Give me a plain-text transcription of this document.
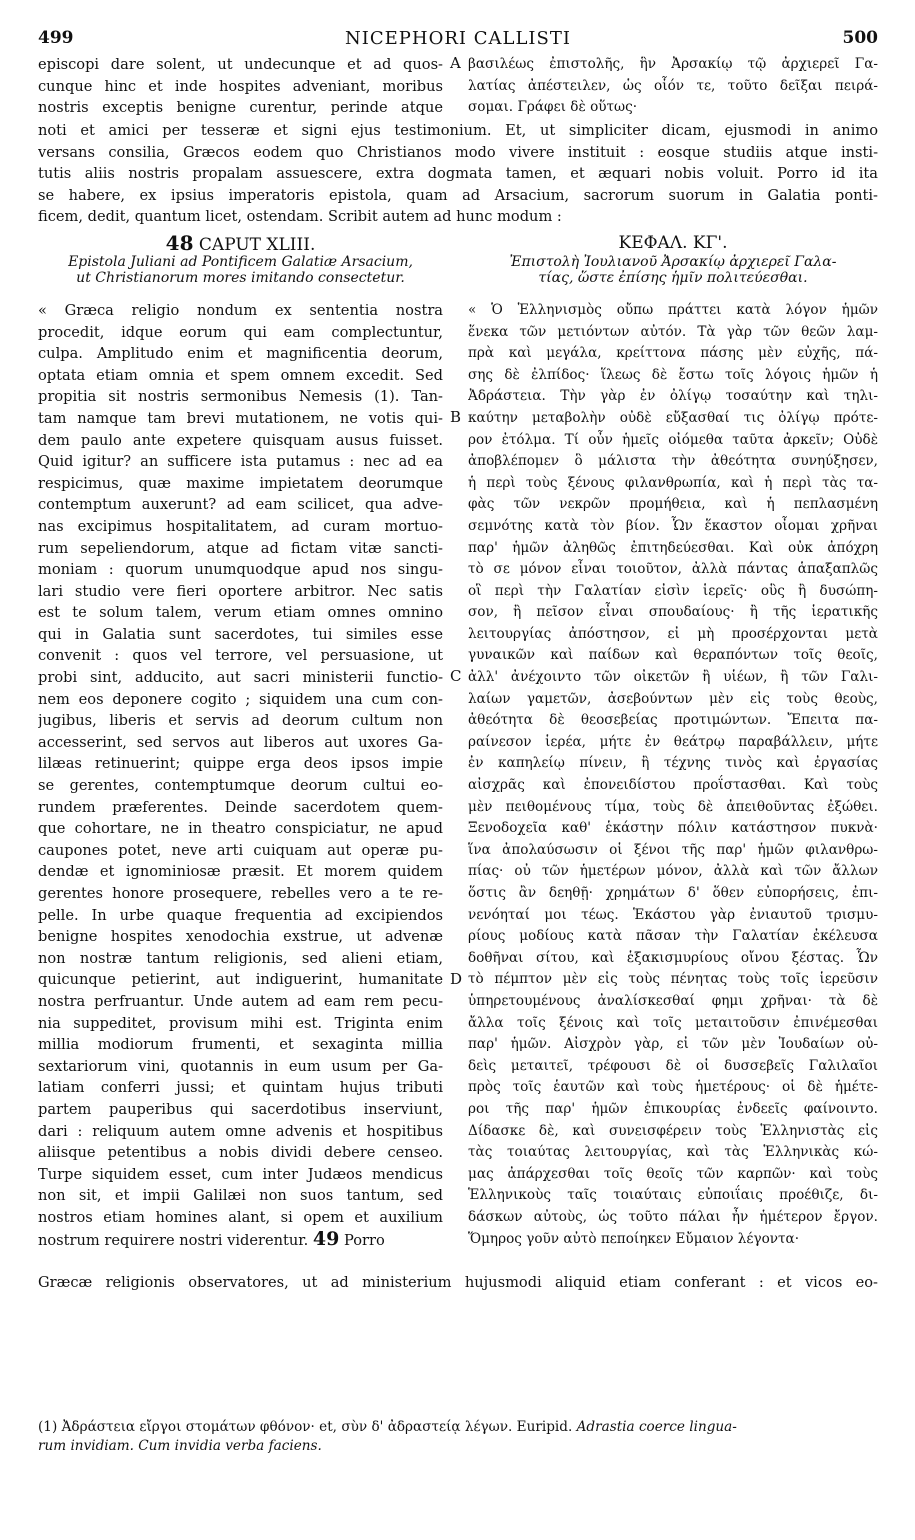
499	NICEPHORI CALLISTI	500
episcopi dare solent, ut undecunque et ad quos-
cunque hinc et inde hospites adveniant, moribus
nostris exceptis benigne curentur, perinde atque
A βασιλέως ἐπιστολῆς, ἣν Ἀρσακίῳ τῷ ἀρχιερεῖ Γα-
λατίας ἀπέστειλεν, ὡς οἷόν τε, τοῦτο δεῖξαι πειρά-
σομαι. Γράφει δὲ οὕτως·
noti et amici per tesseræ et signi ejus testimonium. Et, ut simpliciter dicam, ejusmodi in animo
versans consilia, Græcos eodem quo Christianos modo vivere instituit : eosque studiis atque insti-
tutis aliis nostris propalam assuescere, extra dogmata tamen, et æquari nobis voluit. Porro id ita
se habere, ex ipsius imperatoris epistola, quam ad Arsacium, sacrorum suorum in Galatia ponti-
ficem, dedit, quantum licet, ostendam. Scribit autem ad hunc modum :
48 CAPUT XLIII.
Epistola Juliani ad Pontificem Galatiæ Arsacium,
ut Christianorum mores imitando consectetur.
ΚΕΦΑΛ. ΚΓ'.
Ἐπιστολὴ Ἰουλιανοῦ Ἀρσακίῳ ἀρχιερεῖ Γαλα-
τίας, ὥστε ἐπίσης ἡμῖν πολιτεύεσθαι.
« Græca religio nondum ex sententia nostra
procedit, idque eorum qui eam complectuntur,
culpa. Amplitudo enim et magnificentia deorum,
optata etiam omnia et spem omnem excedit. Sed
propitia sit nostris sermonibus Nemesis (1). Tan-
tam namque tam brevi mutationem, ne votis qui-
dem paulo ante expetere quisquam ausus fuisset.
Quid igitur? an sufficere ista putamus : nec ad ea
respicimus, quæ maxime impietatem deorumque
contemptum auxerunt? ad eam scilicet, qua adve-
nas excipimus hospitalitatem, ad curam mortuo-
rum sepeliendorum, atque ad fictam vitæ sancti-
moniam : quorum unumquodque apud nos singu-
lari studio vere fieri oportere arbitror. Nec satis
est te solum talem, verum etiam omnes omnino
qui in Galatia sunt sacerdotes, tui similes esse
convenit : quos vel terrore, vel persuasione, ut
probi sint, adducito, aut sacri ministerii functio-
nem eos deponere cogito ; siquidem una cum con-
jugibus, liberis et servis ad deorum cultum non
accesserint, sed servos aut liberos aut uxores Ga-
lilæas retinuerint; quippe erga deos ipsos impie
se gerentes, contemptumque deorum cultui eo-
rundem præferentes. Deinde sacerdotem quem-
que cohortare, ne in theatro conspiciatur, ne apud
caupones potet, neve arti cuiquam aut operæ pu-
dendæ et ignominiosæ præsit. Et morem quidem
gerentes honore prosequere, rebelles vero a te re-
pelle. In urbe quaque frequentia ad excipiendos
benigne hospites xenodochia exstrue, ut advenæ
non nostræ tantum religionis, sed alieni etiam,
quicunque petierint, aut indiguerint, humanitate
nostra perfruantur. Unde autem ad eam rem pecu-
nia suppeditet, provisum mihi est. Triginta enim
millia modiorum frumenti, et sexaginta millia
sextariorum vini, quotannis in eum usum per Ga-
latiam conferri jussi; et quintam hujus tributi
partem pauperibus qui sacerdotibus inserviunt,
dari : reliquum autem omne advenis et hospitibus
aliisque petentibus a nobis dividi debere censeo.
Turpe siquidem esset, cum inter Judæos mendicus
non sit, et impii Galilæi non suos tantum, sed
nostros etiam homines alant, si opem et auxilium
nostrum requirere nostri viderentur. 49 Porro
B
C
D
« Ὁ Ἑλληνισμὸς οὔπω πράττει κατὰ λόγον ἡμῶν
ἕνεκα τῶν μετιόντων αὐτόν. Τὰ γὰρ τῶν θεῶν λαμ-
πρὰ καὶ μεγάλα, κρείττονα πάσης μὲν εὐχῆς, πά-
σης δὲ ἐλπίδος· ἵλεως δὲ ἔστω τοῖς λόγοις ἡμῶν ἡ
Ἀδράστεια. Τὴν γὰρ ἐν ὀλίγῳ τοσαύτην καὶ τηλι-
καύτην μεταβολὴν οὐδὲ εὔξασθαί τις ὀλίγῳ πρότε-
ρον ἐτόλμα. Τί οὖν ἡμεῖς οἰόμεθα ταῦτα ἀρκεῖν; Οὐδὲ
ἀποβλέπομεν ὃ μάλιστα τὴν ἀθεότητα συνηύξησεν,
ἡ περὶ τοὺς ξένους φιλανθρωπία, καὶ ἡ περὶ τὰς τα-
φὰς τῶν νεκρῶν προμήθεια, καὶ ἡ πεπλασμένη
σεμνότης κατὰ τὸν βίον. Ὧν ἕκαστον οἶομαι χρῆναι
παρ' ἡμῶν ἀληθῶς ἐπιτηδεύεσθαι. Καὶ οὐκ ἀπόχρη
τὸ σε μόνον εἶναι τοιοῦτον, ἀλλὰ πάντας ἁπαξαπλῶς
οἳ περὶ τὴν Γαλατίαν εἰσὶν ἱερεῖς· οὓς ἢ δυσώπη-
σον, ἢ πεῖσον εἶναι σπουδαίους· ἢ τῆς ἱερατικῆς
λειτουργίας ἀπόστησον, εἰ μὴ προσέρχονται μετὰ
γυναικῶν καὶ παίδων καὶ θεραπόντων τοῖς θεοῖς,
ἀλλ' ἀνέχοιντο τῶν οἰκετῶν ἢ υἱέων, ἢ τῶν Γαλι-
λαίων γαμετῶν, ἀσεβούντων μὲν εἰς τοὺς θεοὺς,
ἀθεότητα δὲ θεοσεβείας προτιμώντων. Ἔπειτα πα-
ραίνεσον ἱερέα, μήτε ἐν θεάτρῳ παραβάλλειν, μήτε
ἐν καπηλείῳ πίνειν, ἢ τέχνης τινὸς καὶ ἐργασίας
αἰσχρᾶς καὶ ἐπονειδίστου προΐστασθαι. Καὶ τοὺς
μὲν πειθομένους τίμα, τοὺς δὲ ἀπειθοῦντας ἐξώθει.
Ξενοδοχεῖα καθ' ἑκάστην πόλιν κατάστησον πυκνὰ·
ἵνα ἀπολαύσωσιν οἱ ξένοι τῆς παρ' ἡμῶν φιλανθρω-
πίας· οὐ τῶν ἡμετέρων μόνον, ἀλλὰ καὶ τῶν ἄλλων
ὅστις ἂν δεηθῇ· χρημάτων δ' ὅθεν εὐπορήσεις, ἐπι-
νενόηταί μοι τέως. Ἑκάστου γὰρ ἐνιαυτοῦ τρισμυ-
ρίους μοδίους κατὰ πᾶσαν τὴν Γαλατίαν ἐκέλευσα
δοθῆναι σίτου, καὶ ἑξακισμυρίους οἴνου ξέστας. Ὧν
τὸ πέμπτον μὲν εἰς τοὺς πένητας τοὺς τοῖς ἱερεῦσιν
ὑπηρετουμένους ἀναλίσκεσθαί φημι χρῆναι· τὰ δὲ
ἄλλα τοῖς ξένοις καὶ τοῖς μεταιτοῦσιν ἐπινέμεσθαι
παρ' ἡμῶν. Αἰσχρὸν γὰρ, εἰ τῶν μὲν Ἰουδαίων οὐ-
δεὶς μεταιτεῖ, τρέφουσι δὲ οἱ δυσσεβεῖς Γαλιλαῖοι
πρὸς τοῖς ἑαυτῶν καὶ τοὺς ἡμετέρους· οἱ δὲ ἡμέτε-
ροι τῆς παρ' ἡμῶν ἐπικουρίας ἐνδεεῖς φαίνοιντο.
Δίδασκε δὲ, καὶ συνεισφέρειν τοὺς Ἑλληνιστὰς εἰς
τὰς τοιαύτας λειτουργίας, καὶ τὰς Ἑλληνικὰς κώ-
μας ἀπάρχεσθαι τοῖς θεοῖς τῶν καρπῶν· καὶ τοὺς
Ἑλληνικοὺς ταῖς τοιαύταις εὐποιΐαις προέθιζε, δι-
δάσκων αὐτοὺς, ὡς τοῦτο πάλαι ἦν ἡμέτερον ἔργον.
Ὅμηρος γοῦν αὐτὸ πεποίηκεν Εὔμαιον λέγοντα·
Græcæ religionis observatores, ut ad ministerium hujusmodi aliquid etiam conferant : et vicos eo-
(1) Ἀδράστεια εἴργοι στομάτων φθόνον· et, σὺν δ' ἀδραστείᾳ λέγων. Euripid. Adrastia coerce lingua-
rum invidiam. Cum invidia verba faciens.
